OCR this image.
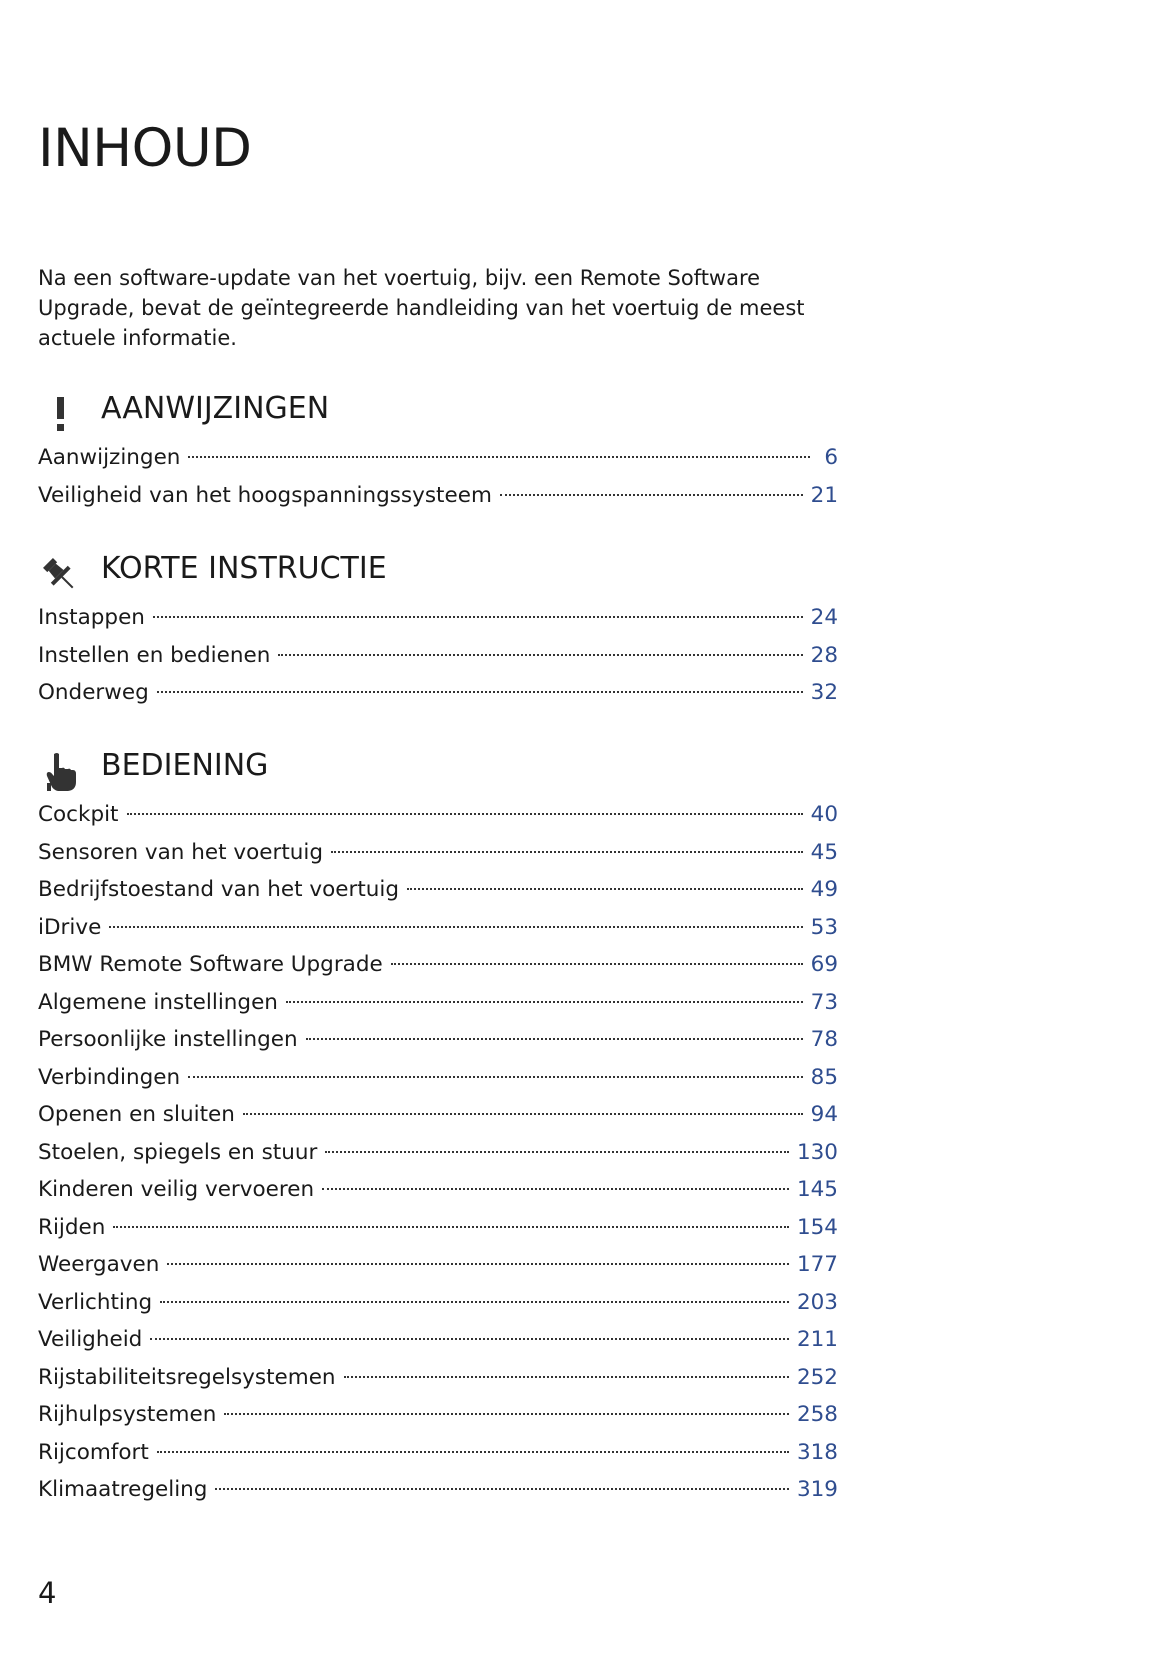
INHOUD

Na een software-update van het voertuig, bijv. een Remote Software Upgrade, bevat de geïntegreerde handleiding van het voertuig de meest actuele informatie.

AANWIJZINGEN
Aanwijzingen	6
Veiligheid van het hoogspanningssysteem	21
KORTE INSTRUCTIE
Instappen	24
Instellen en bedienen	28
Onderweg	32
BEDIENING
Cockpit	40
Sensoren van het voertuig	45
Bedrijfstoestand van het voertuig	49
iDrive	53
BMW Remote Software Upgrade	69
Algemene instellingen	73
Persoonlijke instellingen	78
Verbindingen	85
Openen en sluiten	94
Stoelen, spiegels en stuur	130
Kinderen veilig vervoeren	145
Rijden	154
Weergaven	177
Verlichting	203
Veiligheid	211
Rijstabiliteitsregelsystemen	252
Rijhulpsystemen	258
Rijcomfort	318
Klimaatregeling	319
4
